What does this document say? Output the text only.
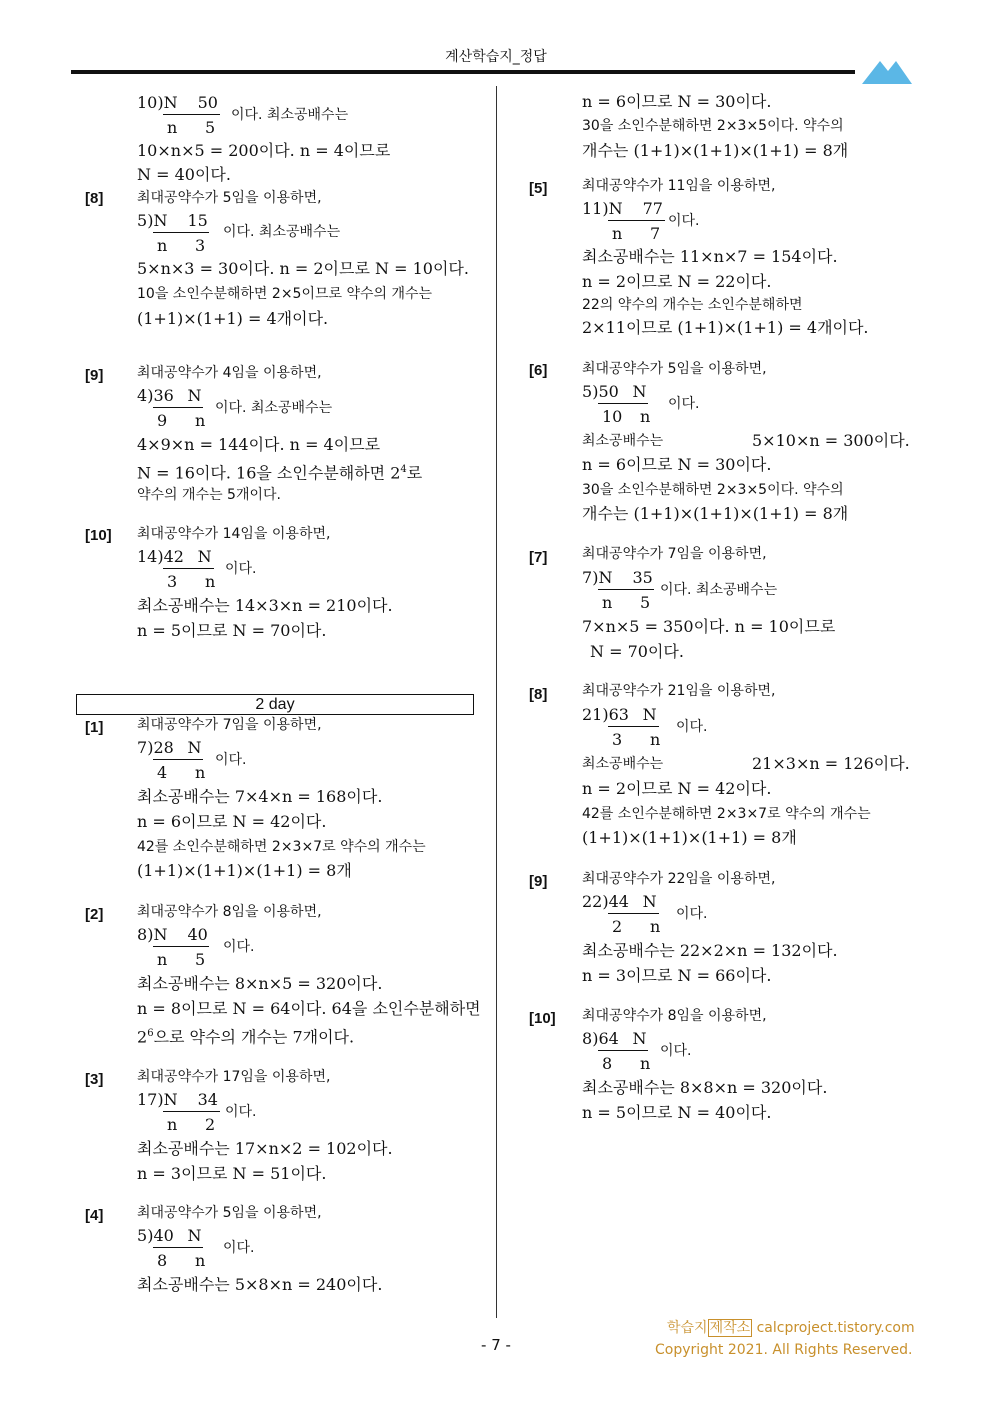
계산학습지_정답
10)N 50
n 5
이다. 최소공배수는
10×n×5 = 200이다. n = 4이므로
N = 40이다.
[8] 최대공약수가 5임을 이용하면,
5)N 15
n 3
이다. 최소공배수는
5×n×3 = 30이다. n = 2이므로 N = 10이다.
10을 소인수분해하면 2×5이므로 약수의 개수는
(1+1)×(1+1) = 4개이다.
[9] 최대공약수가 4임을 이용하면,
4)36 N
9 n
이다. 최소공배수는
4×9×n = 144이다. n = 4이므로
N = 16이다. 16을 소인수분해하면 $2^4$로
약수의 개수는 5개이다.
[10] 최대공약수가 14임을 이용하면,
14)42 N
3 n
이다.
최소공배수는 14×3×n = 210이다.
n = 5이므로 N = 70이다.
2 day
[1] 최대공약수가 7임을 이용하면,
7)28 N
4 n
이다.
최소공배수는 7×4×n = 168이다.
n = 6이므로 N = 42이다.
42를 소인수분해하면 2×3×7로 약수의 개수는
(1+1)×(1+1)×(1+1) = 8개
[2] 최대공약수가 8임을 이용하면,
8)N 40
n 5
이다.
최소공배수는 8×n×5 = 320이다.
n = 8이므로 N = 64이다. 64을 소인수분해하면
$2^6$으로 약수의 개수는 7개이다.
[3] 최대공약수가 17임을 이용하면,
17)N 34
n 2
이다.
최소공배수는 17×n×2 = 102이다.
n = 3이므로 N = 51이다.
[4] 최대공약수가 5임을 이용하면,
5)40 N
8 n
이다.
최소공배수는 5×8×n = 240이다.
n = 6이므로 N = 30이다.
30을 소인수분해하면 2×3×5이다. 약수의
개수는 (1+1)×(1+1)×(1+1) = 8개
[5] 최대공약수가 11임을 이용하면,
11)N 77
n 7
이다.
최소공배수는 11×n×7 = 154이다.
n = 2이므로 N = 22이다.
22의 약수의 개수는 소인수분해하면
2×11이므로 (1+1)×(1+1) = 4개이다.
[6] 최대공약수가 5임을 이용하면,
5)50 N
10 n
이다.
최소공배수는	5×10×n = 300이다.
n = 6이므로 N = 30이다.
30을 소인수분해하면 2×3×5이다. 약수의
개수는 (1+1)×(1+1)×(1+1) = 8개
[7] 최대공약수가 7임을 이용하면,
7)N 35
n 5
이다. 최소공배수는
7×n×5 = 350이다. n = 10이므로
N = 70이다.
[8] 최대공약수가 21임을 이용하면,
21)63 N
3 n
이다.
최소공배수는	21×3×n = 126이다.
n = 2이므로 N = 42이다.
42를 소인수분해하면 2×3×7로 약수의 개수는
(1+1)×(1+1)×(1+1) = 8개
[9] 최대공약수가 22임을 이용하면,
22)44 N
2 n
이다.
최소공배수는 22×2×n = 132이다.
n = 3이므로 N = 66이다.
[10] 최대공약수가 8임을 이용하면,
8)64 N
8 n
이다.
최소공배수는 8×8×n = 320이다.
n = 5이므로 N = 40이다.
학습지 제작소 calcproject.tistory.com
Copyright 2021. All Rights Reserved.
- 7 -
